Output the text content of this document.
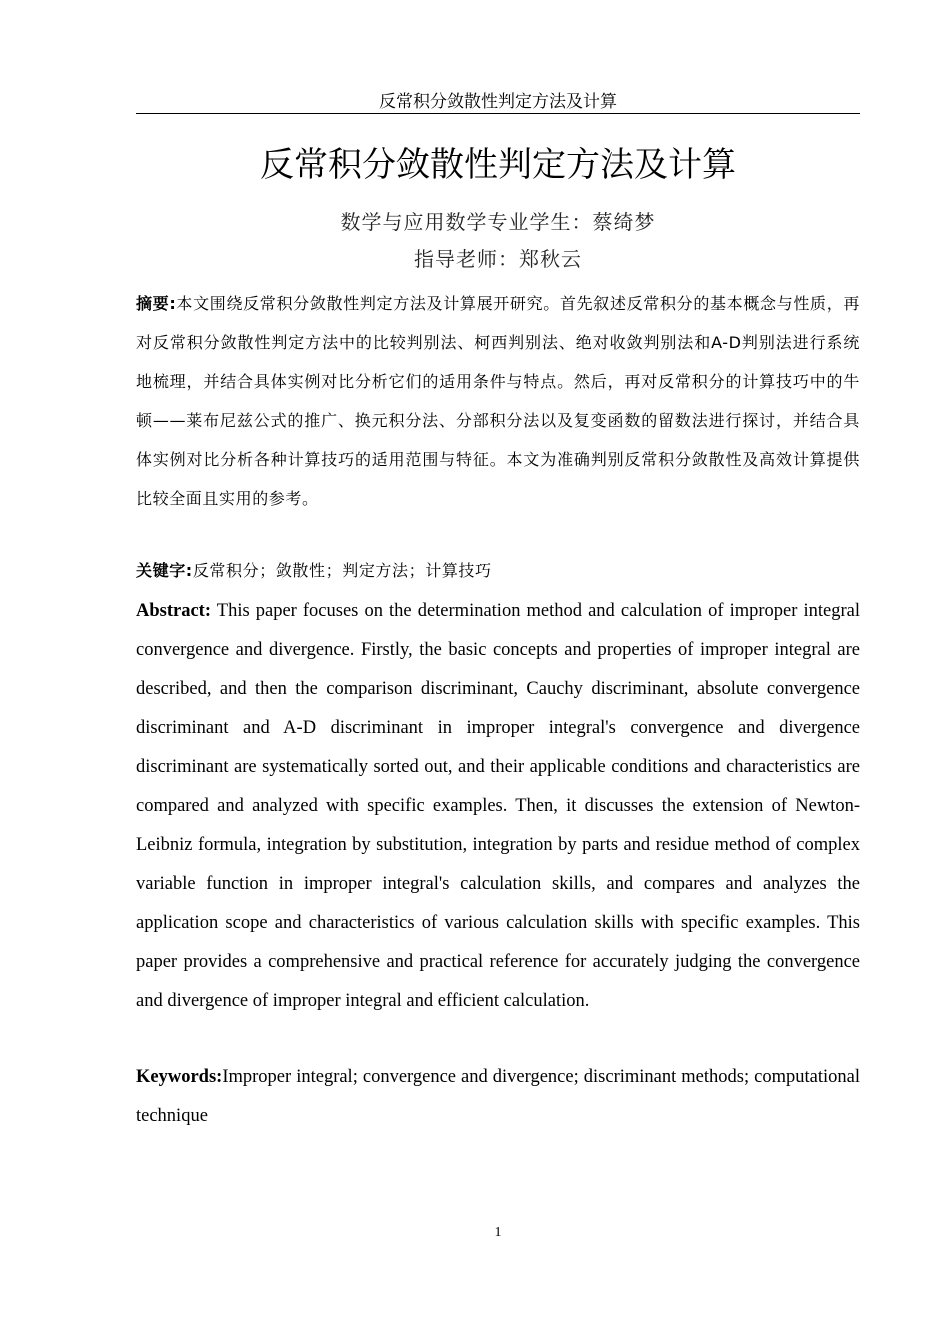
反常积分敛散性判定方法及计算
反常积分敛散性判定方法及计算
数学与应用数学专业学生：蔡绮梦
指导老师：郑秋云
摘要:本文围绕反常积分敛散性判定方法及计算展开研究。首先叙述反常积分的基本概念与性质，再对反常积分敛散性判定方法中的比较判别法、柯西判别法、绝对收敛判别法和A-D判别法进行系统地梳理，并结合具体实例对比分析它们的适用条件与特点。然后，再对反常积分的计算技巧中的牛顿——莱布尼兹公式的推广、换元积分法、分部积分法以及复变函数的留数法进行探讨，并结合具体实例对比分析各种计算技巧的适用范围与特征。本文为准确判别反常积分敛散性及高效计算提供比较全面且实用的参考。
关键字:反常积分；敛散性；判定方法；计算技巧
Abstract: This paper focuses on the determination method and calculation of improper integral convergence and divergence. Firstly, the basic concepts and properties of improper integral are described, and then the comparison discriminant, Cauchy discriminant, absolute convergence discriminant and A-D discriminant in improper integral's convergence and divergence discriminant are systematically sorted out, and their applicable conditions and characteristics are compared and analyzed with specific examples. Then, it discusses the extension of Newton-Leibniz formula, integration by substitution, integration by parts and residue method of complex variable function in improper integral's calculation skills, and compares and analyzes the application scope and characteristics of various calculation skills with specific examples. This paper provides a comprehensive and practical reference for accurately judging the convergence and divergence of improper integral and efficient calculation.
Keywords:Improper integral; convergence and divergence; discriminant methods; computational technique
1
